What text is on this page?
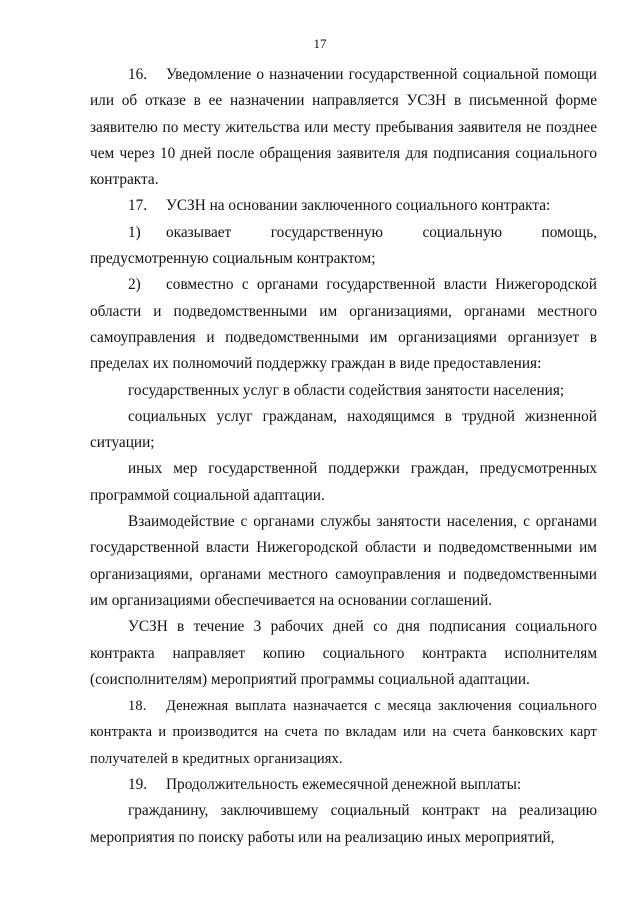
17

16. Уведомление о назначении государственной социальной помощи или об отказе в ее назначении направляется УСЗН в письменной форме заявителю по месту жительства или месту пребывания заявителя не позднее чем через 10 дней после обращения заявителя для подписания социального контракта.

17. УСЗН на основании заключенного социального контракта:

1) оказывает государственную социальную помощь, предусмотренную социальным контрактом;

2) совместно с органами государственной власти Нижегородской области и подведомственными им организациями, органами местного самоуправления и подведомственными им организациями организует в пределах их полномочий поддержку граждан в виде предоставления:

государственных услуг в области содействия занятости населения;

социальных услуг гражданам, находящимся в трудной жизненной ситуации;

иных мер государственной поддержки граждан, предусмотренных программой социальной адаптации.

Взаимодействие с органами службы занятости населения, с органами государственной власти Нижегородской области и подведомственными им организациями, органами местного самоуправления и подведомственными им организациями обеспечивается на основании соглашений.

УСЗН в течение 3 рабочих дней со дня подписания социального контракта направляет копию социального контракта исполнителям (соисполнителям) мероприятий программы социальной адаптации.

18. Денежная выплата назначается с месяца заключения социального контракта и производится на счета по вкладам или на счета банковских карт получателей в кредитных организациях.

19. Продолжительность ежемесячной денежной выплаты:

гражданину, заключившему социальный контракт на реализацию мероприятия по поиску работы или на реализацию иных мероприятий,
